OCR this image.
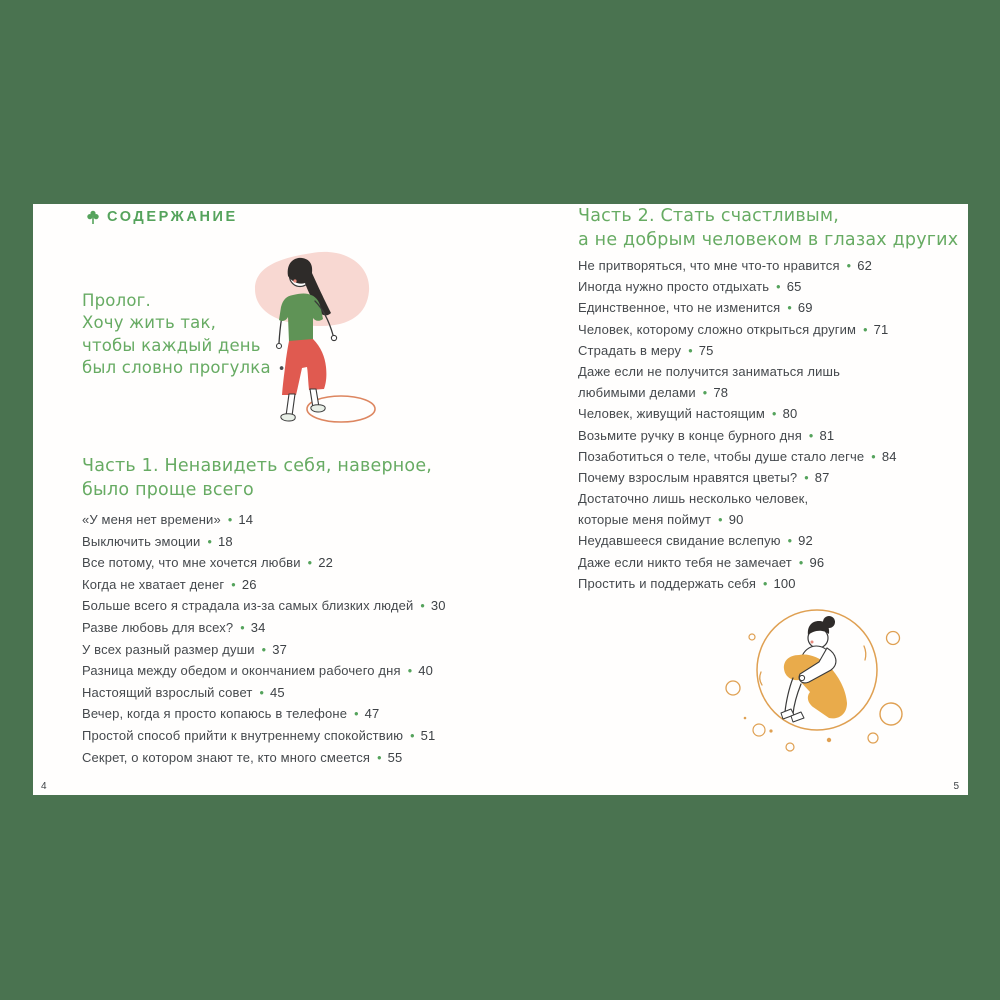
СОДЕРЖАНИЕ
Пролог.
Хочу жить так,
чтобы каждый день
был словно прогулка •
Часть 1. Ненавидеть себя, наверное,
было проще всего
«У меня нет времени» • 14
Выключить эмоции • 18
Все потому, что мне хочется любви • 22
Когда не хватает денег • 26
Больше всего я страдала из-за самых близких людей • 30
Разве любовь для всех? • 34
У всех разный размер души • 37
Разница между обедом и окончанием рабочего дня • 40
Настоящий взрослый совет • 45
Вечер, когда я просто копаюсь в телефоне • 47
Простой способ прийти к внутреннему спокойствию • 51
Секрет, о котором знают те, кто много смеется • 55
Часть 2. Стать счастливым,
а не добрым человеком в глазах других
Не притворяться, что мне что-то нравится • 62
Иногда нужно просто отдыхать • 65
Единственное, что не изменится • 69
Человек, которому сложно открыться другим • 71
Страдать в меру • 75
Даже если не получится заниматься лишь
любимыми делами • 78
Человек, живущий настоящим • 80
Возьмите ручку в конце бурного дня • 81
Позаботиться о теле, чтобы душе стало легче • 84
Почему взрослым нравятся цветы? • 87
Достаточно лишь несколько человек,
которые меня поймут • 90
Неудавшееся свидание вслепую • 92
Даже если никто тебя не замечает • 96
Простить и поддержать себя • 100
4	5
